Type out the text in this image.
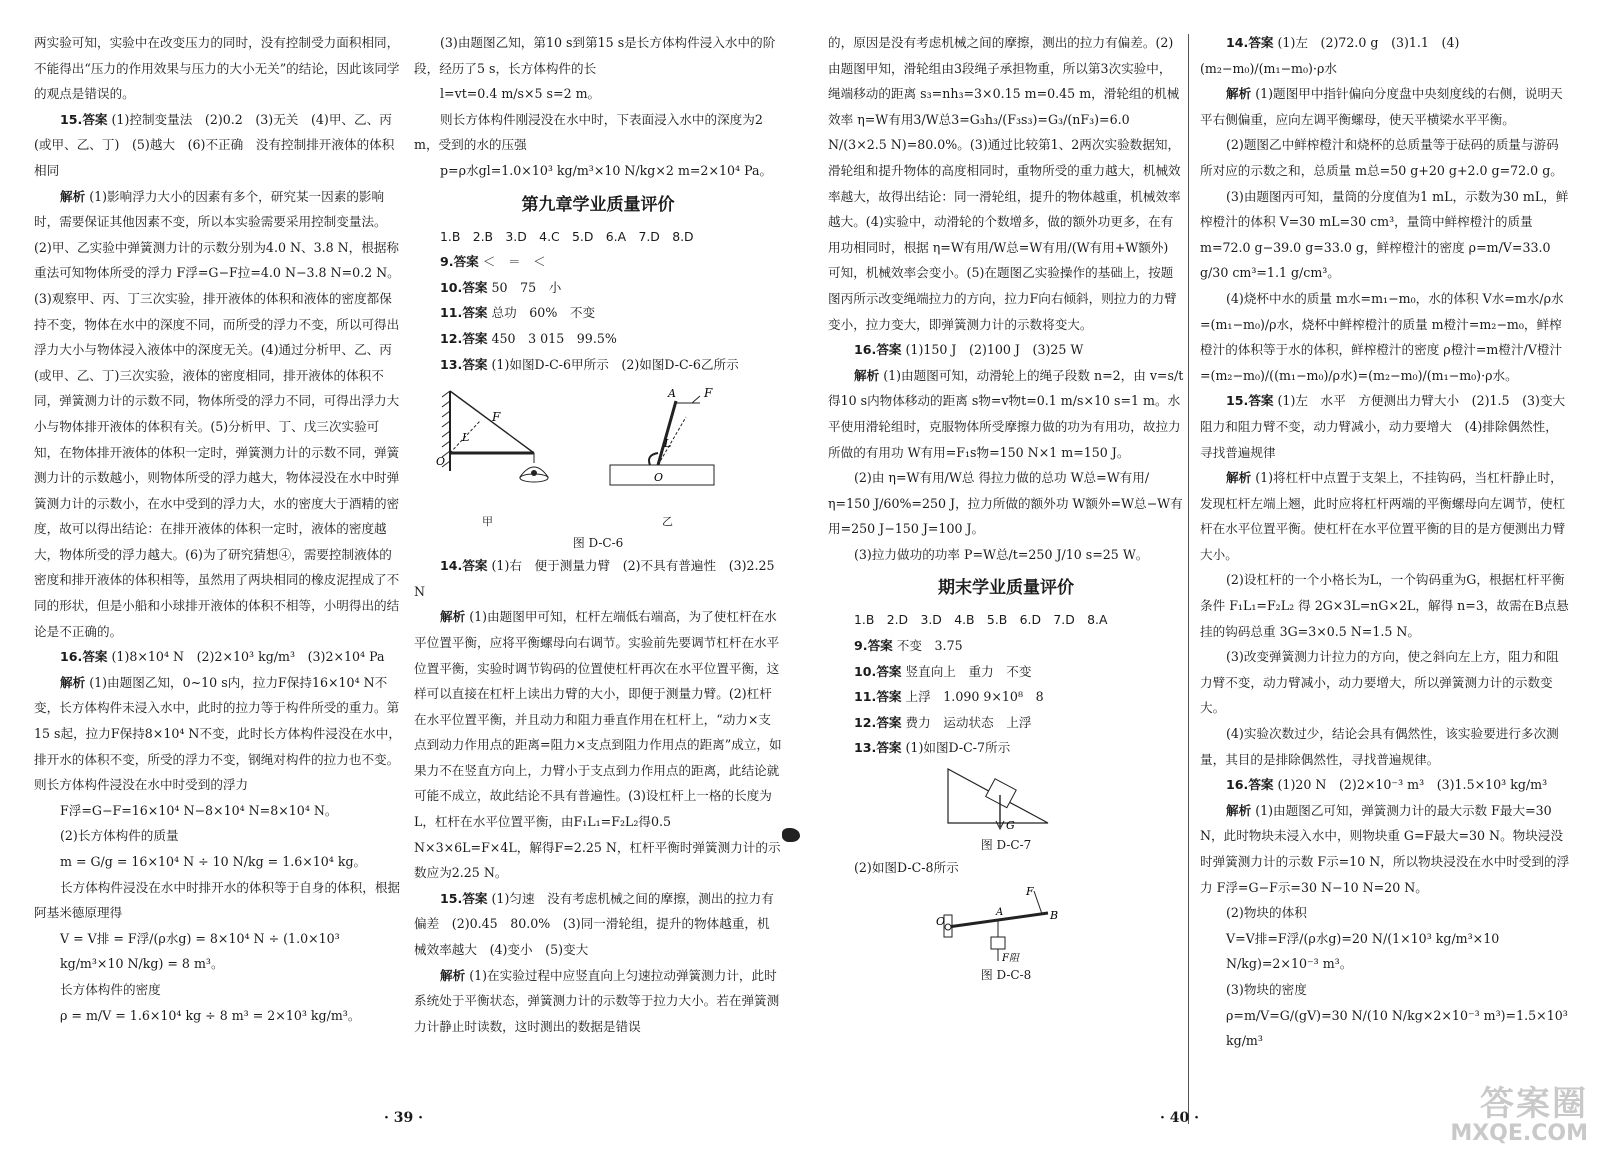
两实验可知，实验中在改变压力的同时，没有控制受力面积相同，不能得出“压力的作用效果与压力的大小无关”的结论，因此该同学的观点是错误的。

15.答案 (1)控制变量法　(2)0.2　(3)无关　(4)甲、乙、丙(或甲、乙、丁)　(5)越大　(6)不正确　没有控制排开液体的体积相同

解析 (1)影响浮力大小的因素有多个，研究某一因素的影响时，需要保证其他因素不变，所以本实验需要采用控制变量法。(2)甲、乙实验中弹簧测力计的示数分别为4.0 N、3.8 N，根据称重法可知物体所受的浮力 F浮=G−F拉=4.0 N−3.8 N=0.2 N。(3)观察甲、丙、丁三次实验，排开液体的体积和液体的密度都保持不变，物体在水中的深度不同，而所受的浮力不变，所以可得出浮力大小与物体浸入液体中的深度无关。(4)通过分析甲、乙、丙(或甲、乙、丁)三次实验，液体的密度相同，排开液体的体积不同，弹簧测力计的示数不同，物体所受的浮力不同，可得出浮力大小与物体排开液体的体积有关。(5)分析甲、丁、戊三次实验可知，在物体排开液体的体积一定时，弹簧测力计的示数不同，弹簧测力计的示数越小，则物体所受的浮力越大，物体浸没在水中时弹簧测力计的示数小，在水中受到的浮力大，水的密度大于酒精的密度，故可以得出结论：在排开液体的体积一定时，液体的密度越大，物体所受的浮力越大。(6)为了研究猜想④，需要控制液体的密度和排开液体的体积相等，虽然用了两块相同的橡皮泥捏成了不同的形状，但是小船和小球排开液体的体积不相等，小明得出的结论是不正确的。

16.答案 (1)8×10⁴ N　(2)2×10³ kg/m³　(3)2×10⁴ Pa

解析 (1)由题图乙知，0~10 s内，拉力F保持16×10⁴ N不变，长方体构件未浸入水中，此时的拉力等于构件所受的重力。第15 s起，拉力F保持8×10⁴ N不变，此时长方体构件浸没在水中，排开水的体积不变，所受的浮力不变，钢绳对构件的拉力也不变。则长方体构件浸没在水中时受到的浮力

F浮=G−F=16×10⁴ N−8×10⁴ N=8×10⁴ N。

(2)长方体构件的质量

m = G/g = 16×10⁴ N ÷ 10 N/kg = 1.6×10⁴ kg。

长方体构件浸没在水中时排开水的体积等于自身的体积，根据阿基米德原理得

V = V排 = F浮/(ρ水g) = 8×10⁴ N ÷ (1.0×10³ kg/m³×10 N/kg) = 8 m³。

长方体构件的密度

ρ = m/V = 1.6×10⁴ kg ÷ 8 m³ = 2×10³ kg/m³。

(3)由题图乙知，第10 s到第15 s是长方体构件浸入水中的阶段，经历了5 s，长方体构件的长

l=vt=0.4 m/s×5 s=2 m。

则长方体构件刚浸没在水中时，下表面浸入水中的深度为2 m，受到的水的压强

p=ρ水gl=1.0×10³ kg/m³×10 N/kg×2 m=2×10⁴ Pa。

第九章学业质量评价

1.B　2.B　3.D　4.C　5.D　6.A　7.D　8.D

9.答案 ＜　＝　＜

10.答案 50　75　小

11.答案 总功　60%　不变

12.答案 450　3 015　99.5%

13.答案 (1)如图D-C-6甲所示　(2)如图D-C-6乙所示

F
L
O
F
A
L
O
甲	乙
图 D-C-6

14.答案 (1)右　便于测量力臂　(2)不具有普遍性　(3)2.25 N

解析 (1)由题图甲可知，杠杆左端低右端高，为了使杠杆在水平位置平衡，应将平衡螺母向右调节。实验前先要调节杠杆在水平位置平衡，实验时调节钩码的位置使杠杆再次在水平位置平衡，这样可以直接在杠杆上读出力臂的大小，即便于测量力臂。(2)杠杆在水平位置平衡，并且动力和阻力垂直作用在杠杆上，“动力×支点到动力作用点的距离=阻力×支点到阻力作用点的距离”成立，如果力不在竖直方向上，力臂小于支点到力作用点的距离，此结论就可能不成立，故此结论不具有普遍性。(3)设杠杆上一格的长度为L，杠杆在水平位置平衡，由F₁L₁=F₂L₂得0.5 N×3×6L=F×4L，解得F=2.25 N，杠杆平衡时弹簧测力计的示数应为2.25 N。

15.答案 (1)匀速　没有考虑机械之间的摩擦，测出的拉力有偏差　(2)0.45　80.0%　(3)同一滑轮组，提升的物体越重，机械效率越大　(4)变小　(5)变大

解析 (1)在实验过程中应竖直向上匀速拉动弹簧测力计，此时系统处于平衡状态，弹簧测力计的示数等于拉力大小。若在弹簧测力计静止时读数，这时测出的数据是错误

的，原因是没有考虑机械之间的摩擦，测出的拉力有偏差。(2)由题图甲知，滑轮组由3段绳子承担物重，所以第3次实验中，绳端移动的距离 s₃=nh₃=3×0.15 m=0.45 m，滑轮组的机械效率 η=W有用3/W总3=G₃h₃/(F₃s₃)=G₃/(nF₃)=6.0 N/(3×2.5 N)=80.0%。(3)通过比较第1、2两次实验数据知，滑轮组和提升物体的高度相同时，重物所受的重力越大，机械效率越大，故得出结论：同一滑轮组，提升的物体越重，机械效率越大。(4)实验中，动滑轮的个数增多，做的额外功更多，在有用功相同时，根据 η=W有用/W总=W有用/(W有用+W额外) 可知，机械效率会变小。(5)在题图乙实验操作的基础上，按题图丙所示改变绳端拉力的方向，拉力F向右倾斜，则拉力的力臂变小，拉力变大，即弹簧测力计的示数将变大。

16.答案 (1)150 J　(2)100 J　(3)25 W

解析 (1)由题图可知，动滑轮上的绳子段数 n=2，由 v=s/t 得10 s内物体移动的距离 s物=v物t=0.1 m/s×10 s=1 m。水平使用滑轮组时，克服物体所受摩擦力做的功为有用功，故拉力所做的有用功 W有用=F₁s物=150 N×1 m=150 J。

(2)由 η=W有用/W总 得拉力做的总功 W总=W有用/η=150 J/60%=250 J，拉力所做的额外功 W额外=W总−W有用=250 J−150 J=100 J。

(3)拉力做功的功率 P=W总/t=250 J/10 s=25 W。

期末学业质量评价

1.B　2.D　3.D　4.B　5.B　6.D　7.D　8.A

9.答案 不变　3.75

10.答案 竖直向上　重力　不变

11.答案 上浮　1.090 9×10⁸　8

12.答案 费力　运动状态　上浮

13.答案 (1)如图D-C-7所示

G
图 D-C-7

(2)如图D-C-8所示

O
A	B
F
F阻
图 D-C-8

14.答案 (1)左　(2)72.0 g　(3)1.1　(4)(m₂−m₀)/(m₁−m₀)·ρ水

解析 (1)题图甲中指针偏向分度盘中央刻度线的右侧，说明天平右侧偏重，应向左调平衡螺母，使天平横梁水平平衡。

(2)题图乙中鲜榨橙汁和烧杯的总质量等于砝码的质量与游码所对应的示数之和，总质量 m总=50 g+20 g+2.0 g=72.0 g。

(3)由题图丙可知，量筒的分度值为1 mL，示数为30 mL，鲜榨橙汁的体积 V=30 mL=30 cm³，量筒中鲜榨橙汁的质量 m=72.0 g−39.0 g=33.0 g，鲜榨橙汁的密度 ρ=m/V=33.0 g/30 cm³=1.1 g/cm³。

(4)烧杯中水的质量 m水=m₁−m₀，水的体积 V水=m水/ρ水=(m₁−m₀)/ρ水，烧杯中鲜榨橙汁的质量 m橙汁=m₂−m₀，鲜榨橙汁的体积等于水的体积，鲜榨橙汁的密度 ρ橙汁=m橙汁/V橙汁=(m₂−m₀)/((m₁−m₀)/ρ水)=(m₂−m₀)/(m₁−m₀)·ρ水。

15.答案 (1)左　水平　方便测出力臂大小　(2)1.5　(3)变大　阻力和阻力臂不变，动力臂减小，动力要增大　(4)排除偶然性，寻找普遍规律

解析 (1)将杠杆中点置于支架上，不挂钩码，当杠杆静止时，发现杠杆左端上翘，此时应将杠杆两端的平衡螺母向左调节，使杠杆在水平位置平衡。使杠杆在水平位置平衡的目的是方便测出力臂大小。

(2)设杠杆的一个小格长为L，一个钩码重为G，根据杠杆平衡条件 F₁L₁=F₂L₂ 得 2G×3L=nG×2L，解得 n=3，故需在B点悬挂的钩码总重 3G=3×0.5 N=1.5 N。

(3)改变弹簧测力计拉力的方向，使之斜向左上方，阻力和阻力臂不变，动力臂减小，动力要增大，所以弹簧测力计的示数变大。

(4)实验次数过少，结论会具有偶然性，该实验要进行多次测量，其目的是排除偶然性，寻找普遍规律。

16.答案 (1)20 N　(2)2×10⁻³ m³　(3)1.5×10³ kg/m³

解析 (1)由题图乙可知，弹簧测力计的最大示数 F最大=30 N，此时物块未浸入水中，则物块重 G=F最大=30 N。物块浸没时弹簧测力计的示数 F示=10 N，所以物块浸没在水中时受到的浮力 F浮=G−F示=30 N−10 N=20 N。

(2)物块的体积

V=V排=F浮/(ρ水g)=20 N/(1×10³ kg/m³×10 N/kg)=2×10⁻³ m³。

(3)物块的密度

ρ=m/V=G/(gV)=30 N/(10 N/kg×2×10⁻³ m³)=1.5×10³ kg/m³

· 39 ·	· 40 ·	答案圈
MXQE.COM
